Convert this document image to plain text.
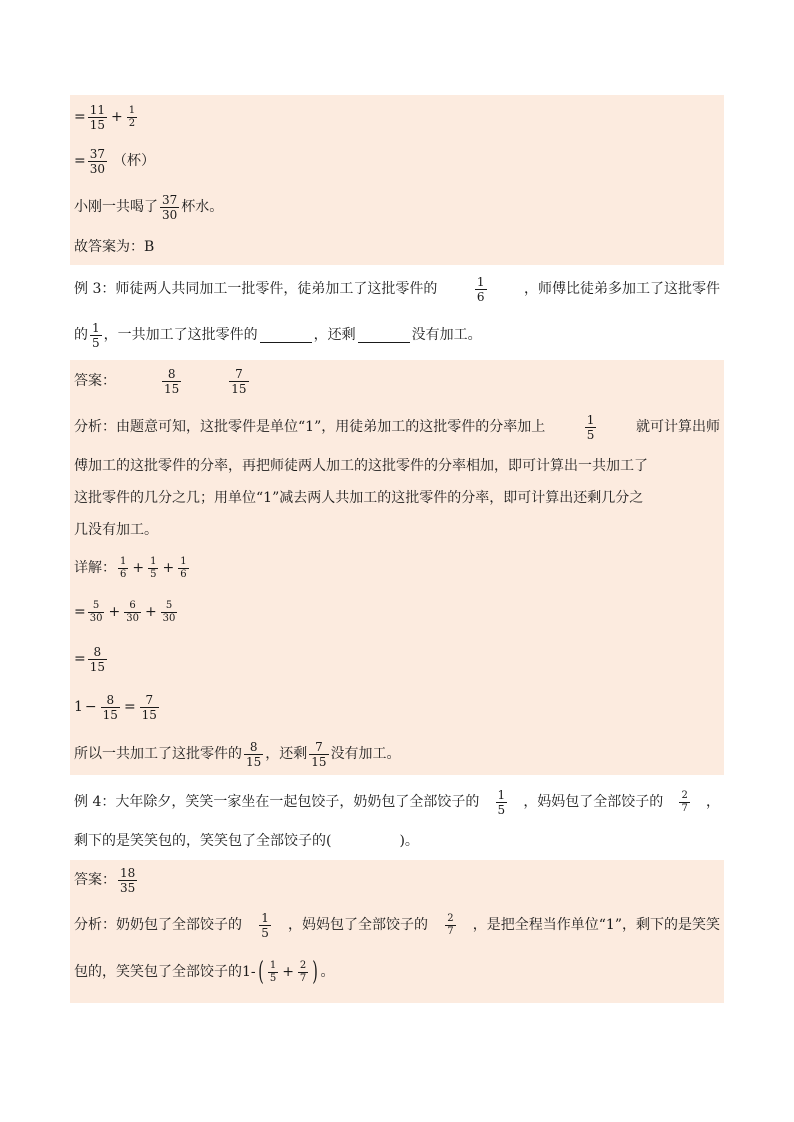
= $\frac{11}{15} + \frac{1}{2}$
= $\frac{37}{30}$ （杯）
小刚一共喝了 $\frac{37}{30}$ 杯水。
故答案为：B
例 3：师徒两人共同加工一批零件，徒弟加工了这批零件的	$\frac{1}{6}$	，师傅比徒弟多加工了这批零件
的 $\frac{1}{5}$ ，一共加工了这批零件的	，还剩	没有加工。
答案：	$\frac{8}{15}$	$\frac{7}{15}$
分析：由题意可知，这批零件是单位“1”，用徒弟加工的这批零件的分率加上	$\frac{1}{5}$	就可计算出师
傅加工的这批零件的分率，再把师徒两人加工的这批零件的分率相加，即可计算出一共加工了
这批零件的几分之几；用单位“1”减去两人共加工的这批零件的分率，即可计算出还剩几分之
几没有加工。
详解： $\frac{1}{6} + \frac{1}{5} + \frac{1}{6}$
= $\frac{5}{30} + \frac{6}{30} + \frac{5}{30}$
= $\frac{8}{15}$
$1 - \frac{8}{15} = \frac{7}{15}$
所以一共加工了这批零件的 $\frac{8}{15}$ ，还剩 $\frac{7}{15}$ 没有加工。
例 4：大年除夕，笑笑一家坐在一起包饺子，奶奶包了全部饺子的 $\frac{1}{5}$ ，妈妈包了全部饺子的 $\frac{2}{7}$ ，
剩下的是笑笑包的，笑笑包了全部饺子的(	)。
答案： $\frac{18}{35}$
分析：奶奶包了全部饺子的 $\frac{1}{5}$ ，妈妈包了全部饺子的 $\frac{2}{7}$ ，是把全程当作单位“1”，剩下的是笑笑
包的，笑笑包了全部饺子的 1 - ( $\frac{1}{5} + \frac{2}{7}$ ) 。
